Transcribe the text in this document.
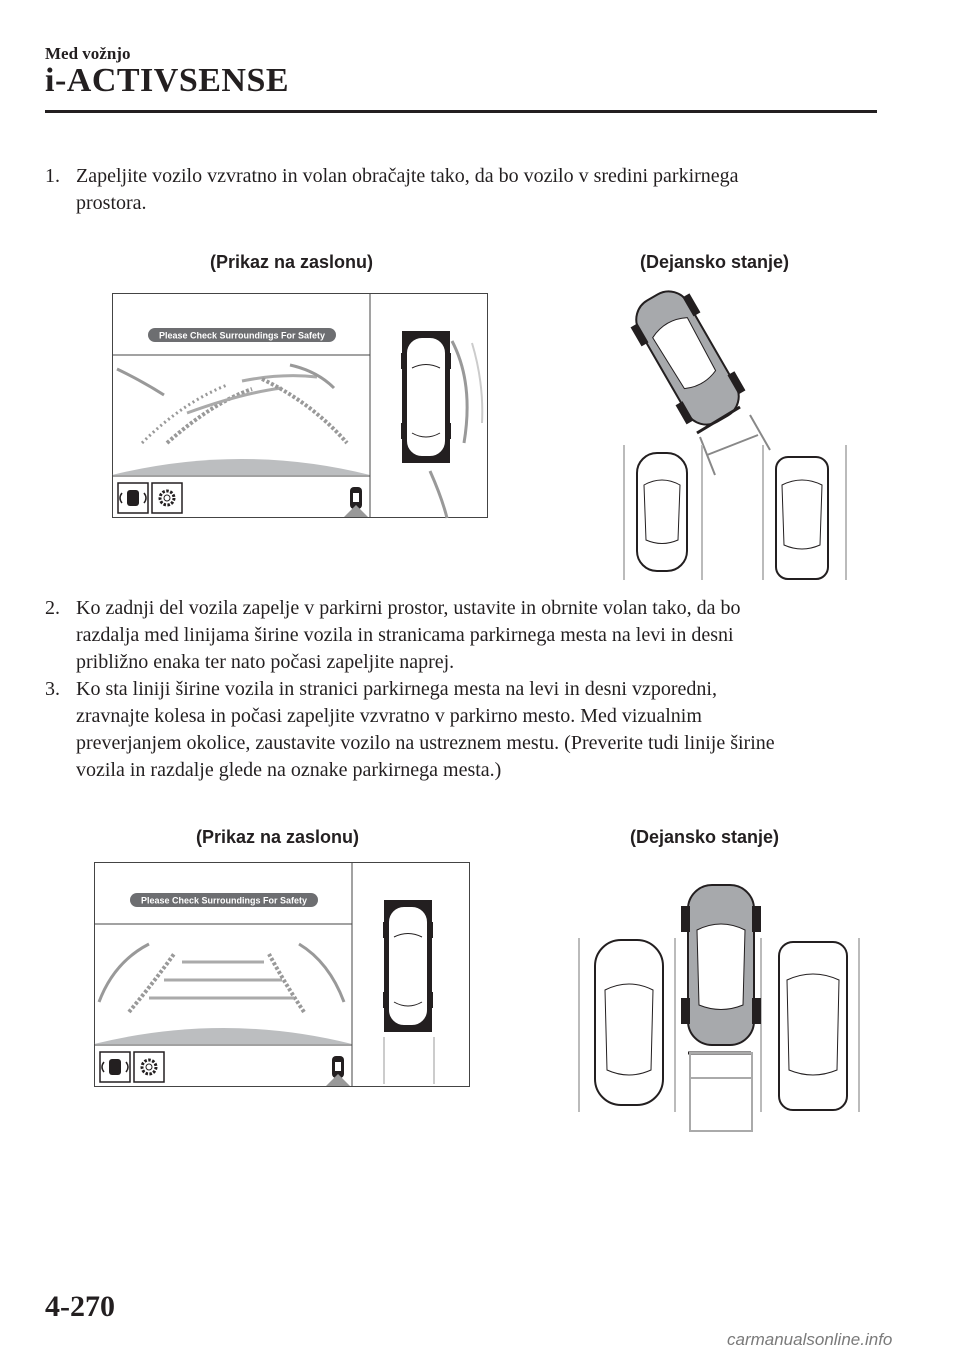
Med vožnjo
i-ACTIVSENSE
1. Zapeljite vozilo vzvratno in volan obračajte tako, da bo vozilo v sredini parkirnega
prostora.
(Prikaz na zaslonu)	(Dejansko stanje)
Please Check Surroundings For Safety
2. Ko zadnji del vozila zapelje v parkirni prostor, ustavite in obrnite volan tako, da bo
razdalja med linijama širine vozila in stranicama parkirnega mesta na levi in desni
približno enaka ter nato počasi zapeljite naprej.
3. Ko sta liniji širine vozila in stranici parkirnega mesta na levi in desni vzporedni,
zravnajte kolesa in počasi zapeljite vzvratno v parkirno mesto. Med vizualnim
preverjanjem okolice, zaustavite vozilo na ustreznem mestu. (Preverite tudi linije širine
vozila in razdalje glede na oznake parkirnega mesta.)
(Prikaz na zaslonu)	(Dejansko stanje)
Please Check Surroundings For Safety
4-270
carmanualsonline.info
